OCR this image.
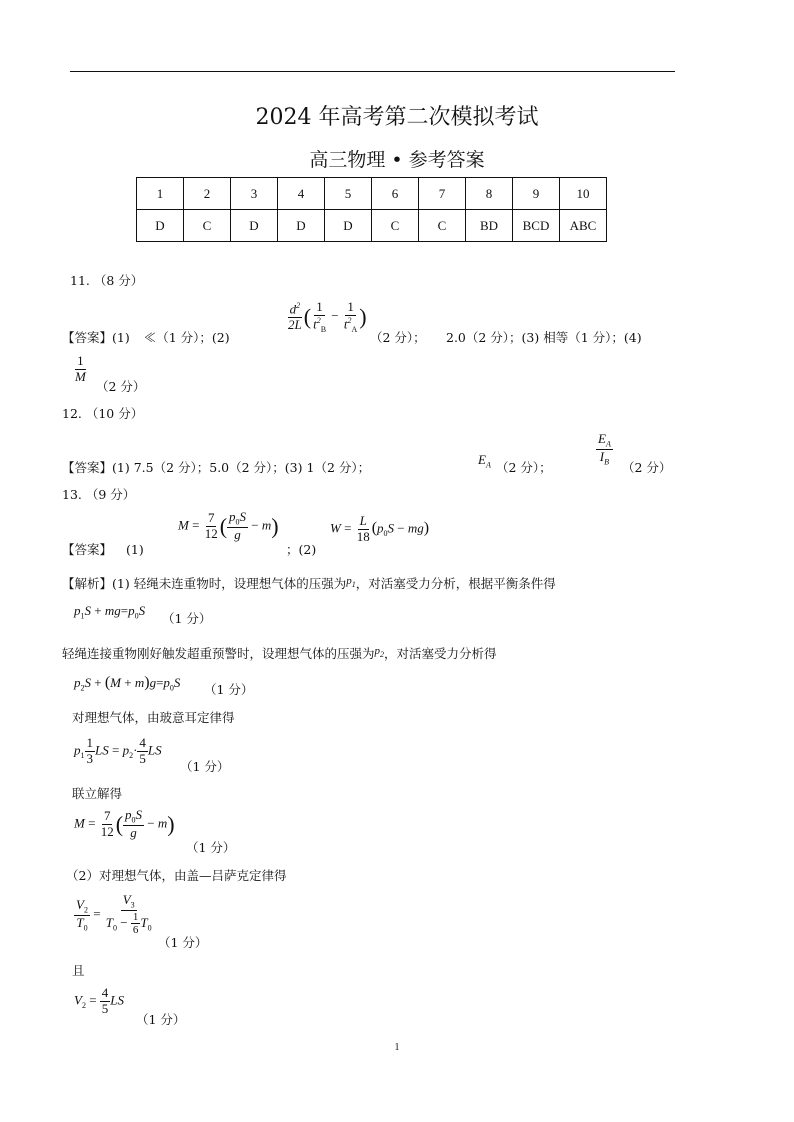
2024 年高考第二次模拟考试
高三物理 • 参考答案
1	2	3	4	5	6	7	8	9	10
D	C	D	D	D	C	C	BD	BCD	ABC
11. （8 分）
$\frac{d^2}{2L}$ ( $\frac{1}{t^2_B} - \frac{1}{t^2_A}$ )
【答案】(1) ≪（1 分）；(2)	（2 分）； 2.0（2 分）；(3) 相等（1 分）；(4)
$\frac{1}{M}$
（2 分）
12. （10 分）
【答案】(1) 7.5（2 分）；5.0（2 分）；(3) 1（2 分）；
$E_A$ （2 分）；
$\frac{E_A}{I_B}$
（2 分）
13. （9 分）
【答案】 (1)
$M = \frac{7}{12}$ ( $\frac{p_0S}{g} - m$)
；(2)
$W = \frac{L}{18} (p_0S - mg)$
【解析】(1) 轻绳未连重物时，设理想气体的压强为$p_1$，对活塞受力分析，根据平衡条件得
$p_1S + mg=p_0S$
（1 分）
轻绳连接重物刚好触发超重预警时，设理想气体的压强为$p_2$，对活塞受力分析得
$p_2S + (M + m)g=p_0S$ （1 分）
对理想气体，由玻意耳定律得
$p_1 \frac{1}{3}$ LS = $p_2\cdot \frac{4}{5}$ LS
（1 分）
联立解得
$M = \frac{7}{12}$ ( $\frac{p_0S}{g} - m$)
（1 分）
（2）对理想气体，由盖—吕萨克定律得
$\frac{V_2}{T_0} = \frac{V_3}{T_0 - \frac{1}{6} T_0}$
（1 分）
且
$V_2 = \frac{4}{5}$ LS
（1 分）
1
